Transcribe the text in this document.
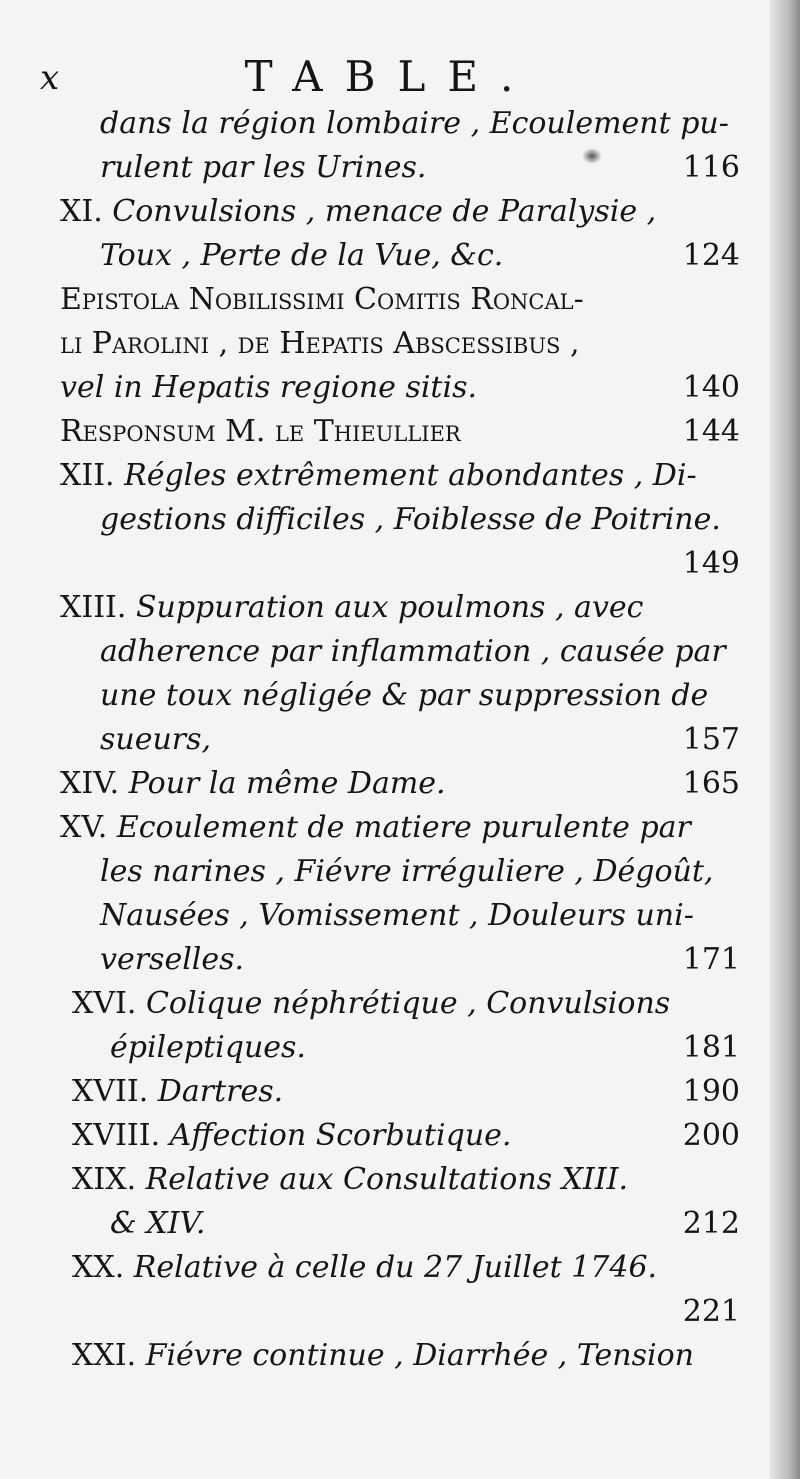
x	TABLE.
dans la région lombaire , Ecoulement pu-
rulent par les Urines.	116
XI. Convulsions , menace de Paralysie ,
Toux , Perte de la Vue, &c.	124
Epistola Nobilissimi Comitis Roncal-
li Parolini , de Hepatis Abscessibus ,
vel in Hepatis regione sitis.	140
Responsum M. le Thieullier	144
XII. Régles extrêmement abondantes , Di-
gestions difficiles , Foiblesse de Poitrine.
149
XIII. Suppuration aux poulmons , avec
adherence par inflammation , causée par
une toux négligée & par suppression de
sueurs,	157
XIV. Pour la même Dame.	165
XV. Ecoulement de matiere purulente par
les narines , Fiévre irréguliere , Dégoût,
Nausées , Vomissement , Douleurs uni-
verselles.	171
XVI. Colique néphrétique , Convulsions
épileptiques.	181
XVII. Dartres.	190
XVIII. Affection Scorbutique.	200
XIX. Relative aux Consultations XIII.
& XIV.	212
XX. Relative à celle du 27 Juillet 1746.
221
XXI. Fiévre continue , Diarrhée , Tension
